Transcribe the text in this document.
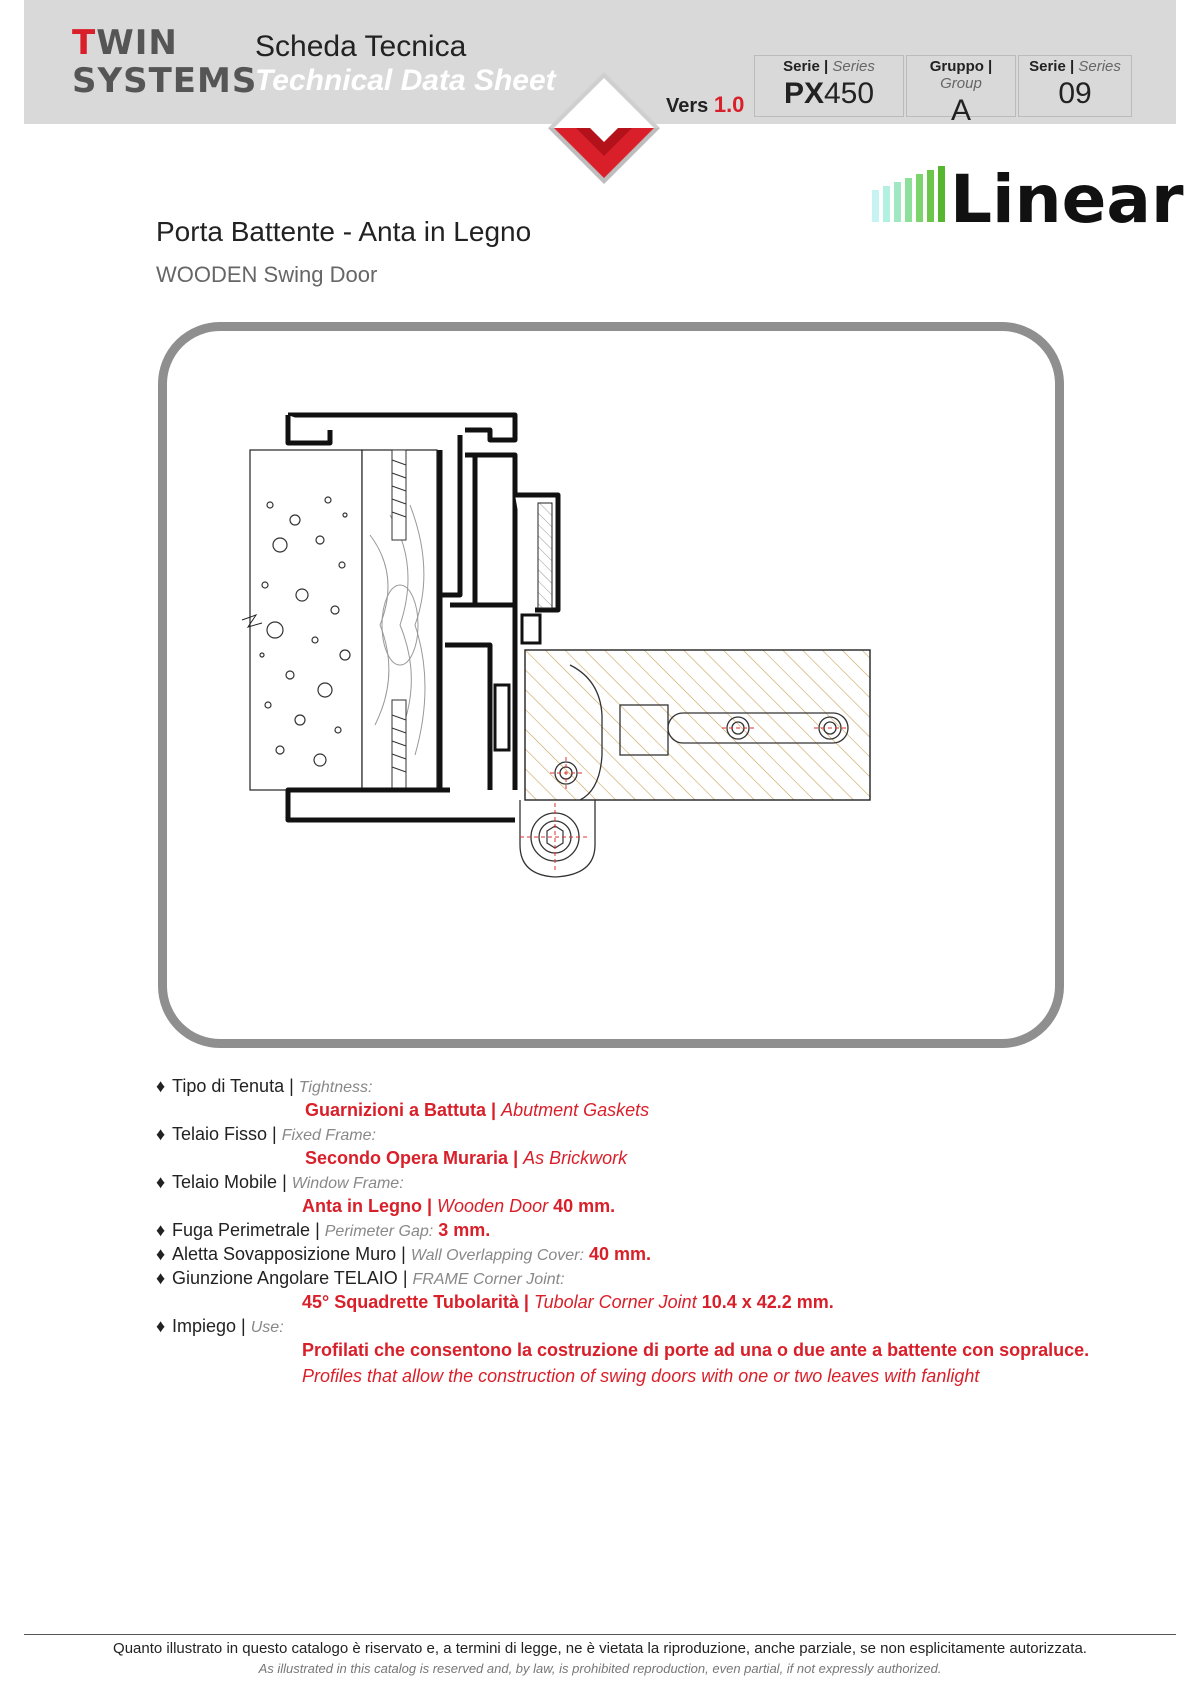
TWIN
SYSTEMS
Scheda Tecnica
Technical Data Sheet
Vers 1.0
Serie | Series
PX450
Gruppo | Group
A
Serie | Series
09
Linear
Porta Battente - Anta in Legno
WOODEN Swing Door
♦ Tipo di Tenuta | Tightness:
Guarnizioni a Battuta | Abutment Gaskets
♦ Telaio Fisso | Fixed Frame:
Secondo Opera Muraria | As Brickwork
♦ Telaio Mobile | Window Frame:
Anta in Legno | Wooden Door 40 mm.
♦ Fuga Perimetrale | Perimeter Gap: 3 mm.
♦ Aletta Sovapposizione Muro | Wall Overlapping Cover: 40 mm.
♦ Giunzione Angolare TELAIO | FRAME Corner Joint:
45° Squadrette Tubolarità | Tubolar Corner Joint 10.4 x 42.2 mm.
♦ Impiego | Use:
Profilati che consentono la costruzione di porte ad una o due ante a battente con sopraluce.
Profiles that allow the construction of swing doors with one or two leaves with fanlight
Quanto illustrato in questo catalogo è riservato e, a termini di legge, ne è vietata la riproduzione, anche parziale, se non esplicitamente autorizzata.
As illustrated in this catalog is reserved and, by law, is prohibited reproduction, even partial, if not expressly authorized.
